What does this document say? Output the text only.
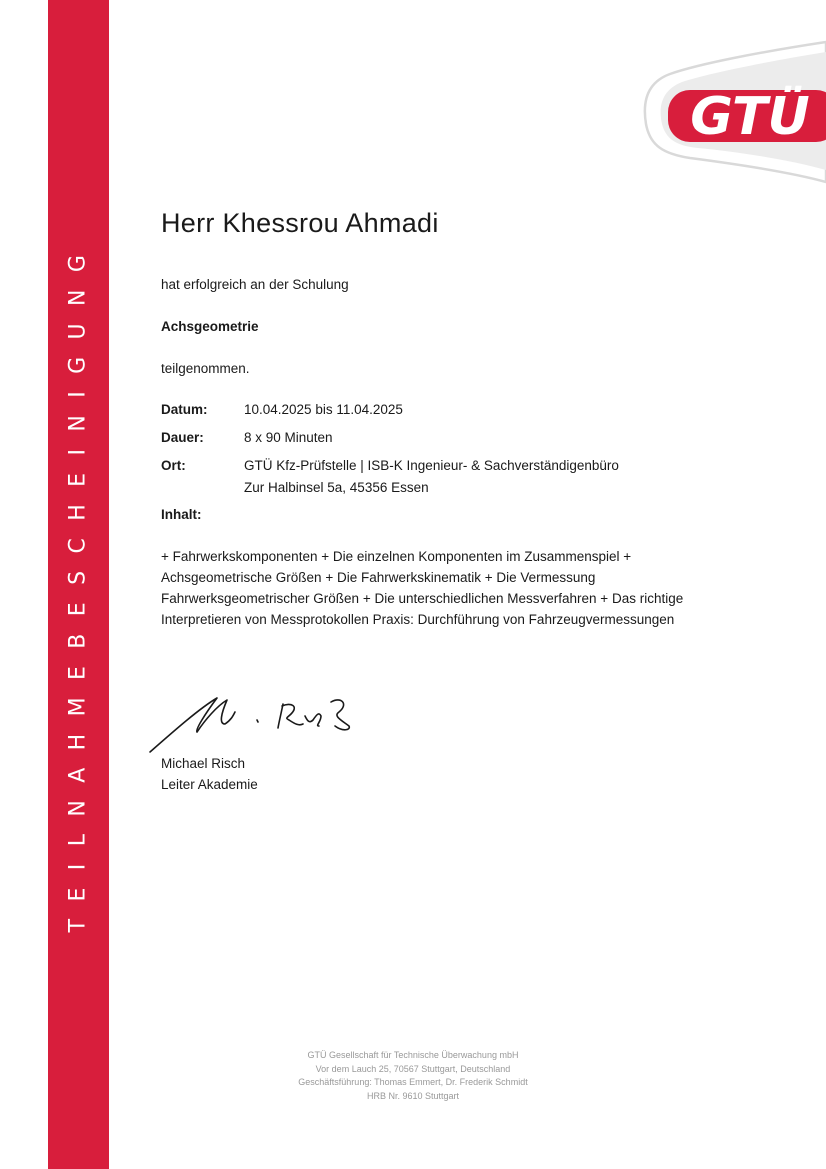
TEILNAHMEBESCHEINIGUNG
GTÜ
Herr Khessrou Ahmadi
hat erfolgreich an der Schulung
Achsgeometrie
teilgenommen.
Datum:	10.04.2025 bis 11.04.2025
Dauer:	8 x 90 Minuten
Ort:	GTÜ Kfz-Prüfstelle | ISB-K Ingenieur- & Sachverständigenbüro
Zur Halbinsel 5a, 45356 Essen
Inhalt:
+ Fahrwerkskomponenten + Die einzelnen Komponenten im Zusammenspiel + Achsgeometrische Größen + Die Fahrwerkskinematik + Die Vermessung Fahrwerksgeometrischer Größen + Die unterschiedlichen Messverfahren + Das richtige Interpretieren von Messprotokollen Praxis: Durchführung von Fahrzeugvermessungen
Michael Risch
Leiter Akademie
GTÜ Gesellschaft für Technische Überwachung mbH
Vor dem Lauch 25, 70567 Stuttgart, Deutschland
Geschäftsführung: Thomas Emmert, Dr. Frederik Schmidt
HRB Nr. 9610 Stuttgart
